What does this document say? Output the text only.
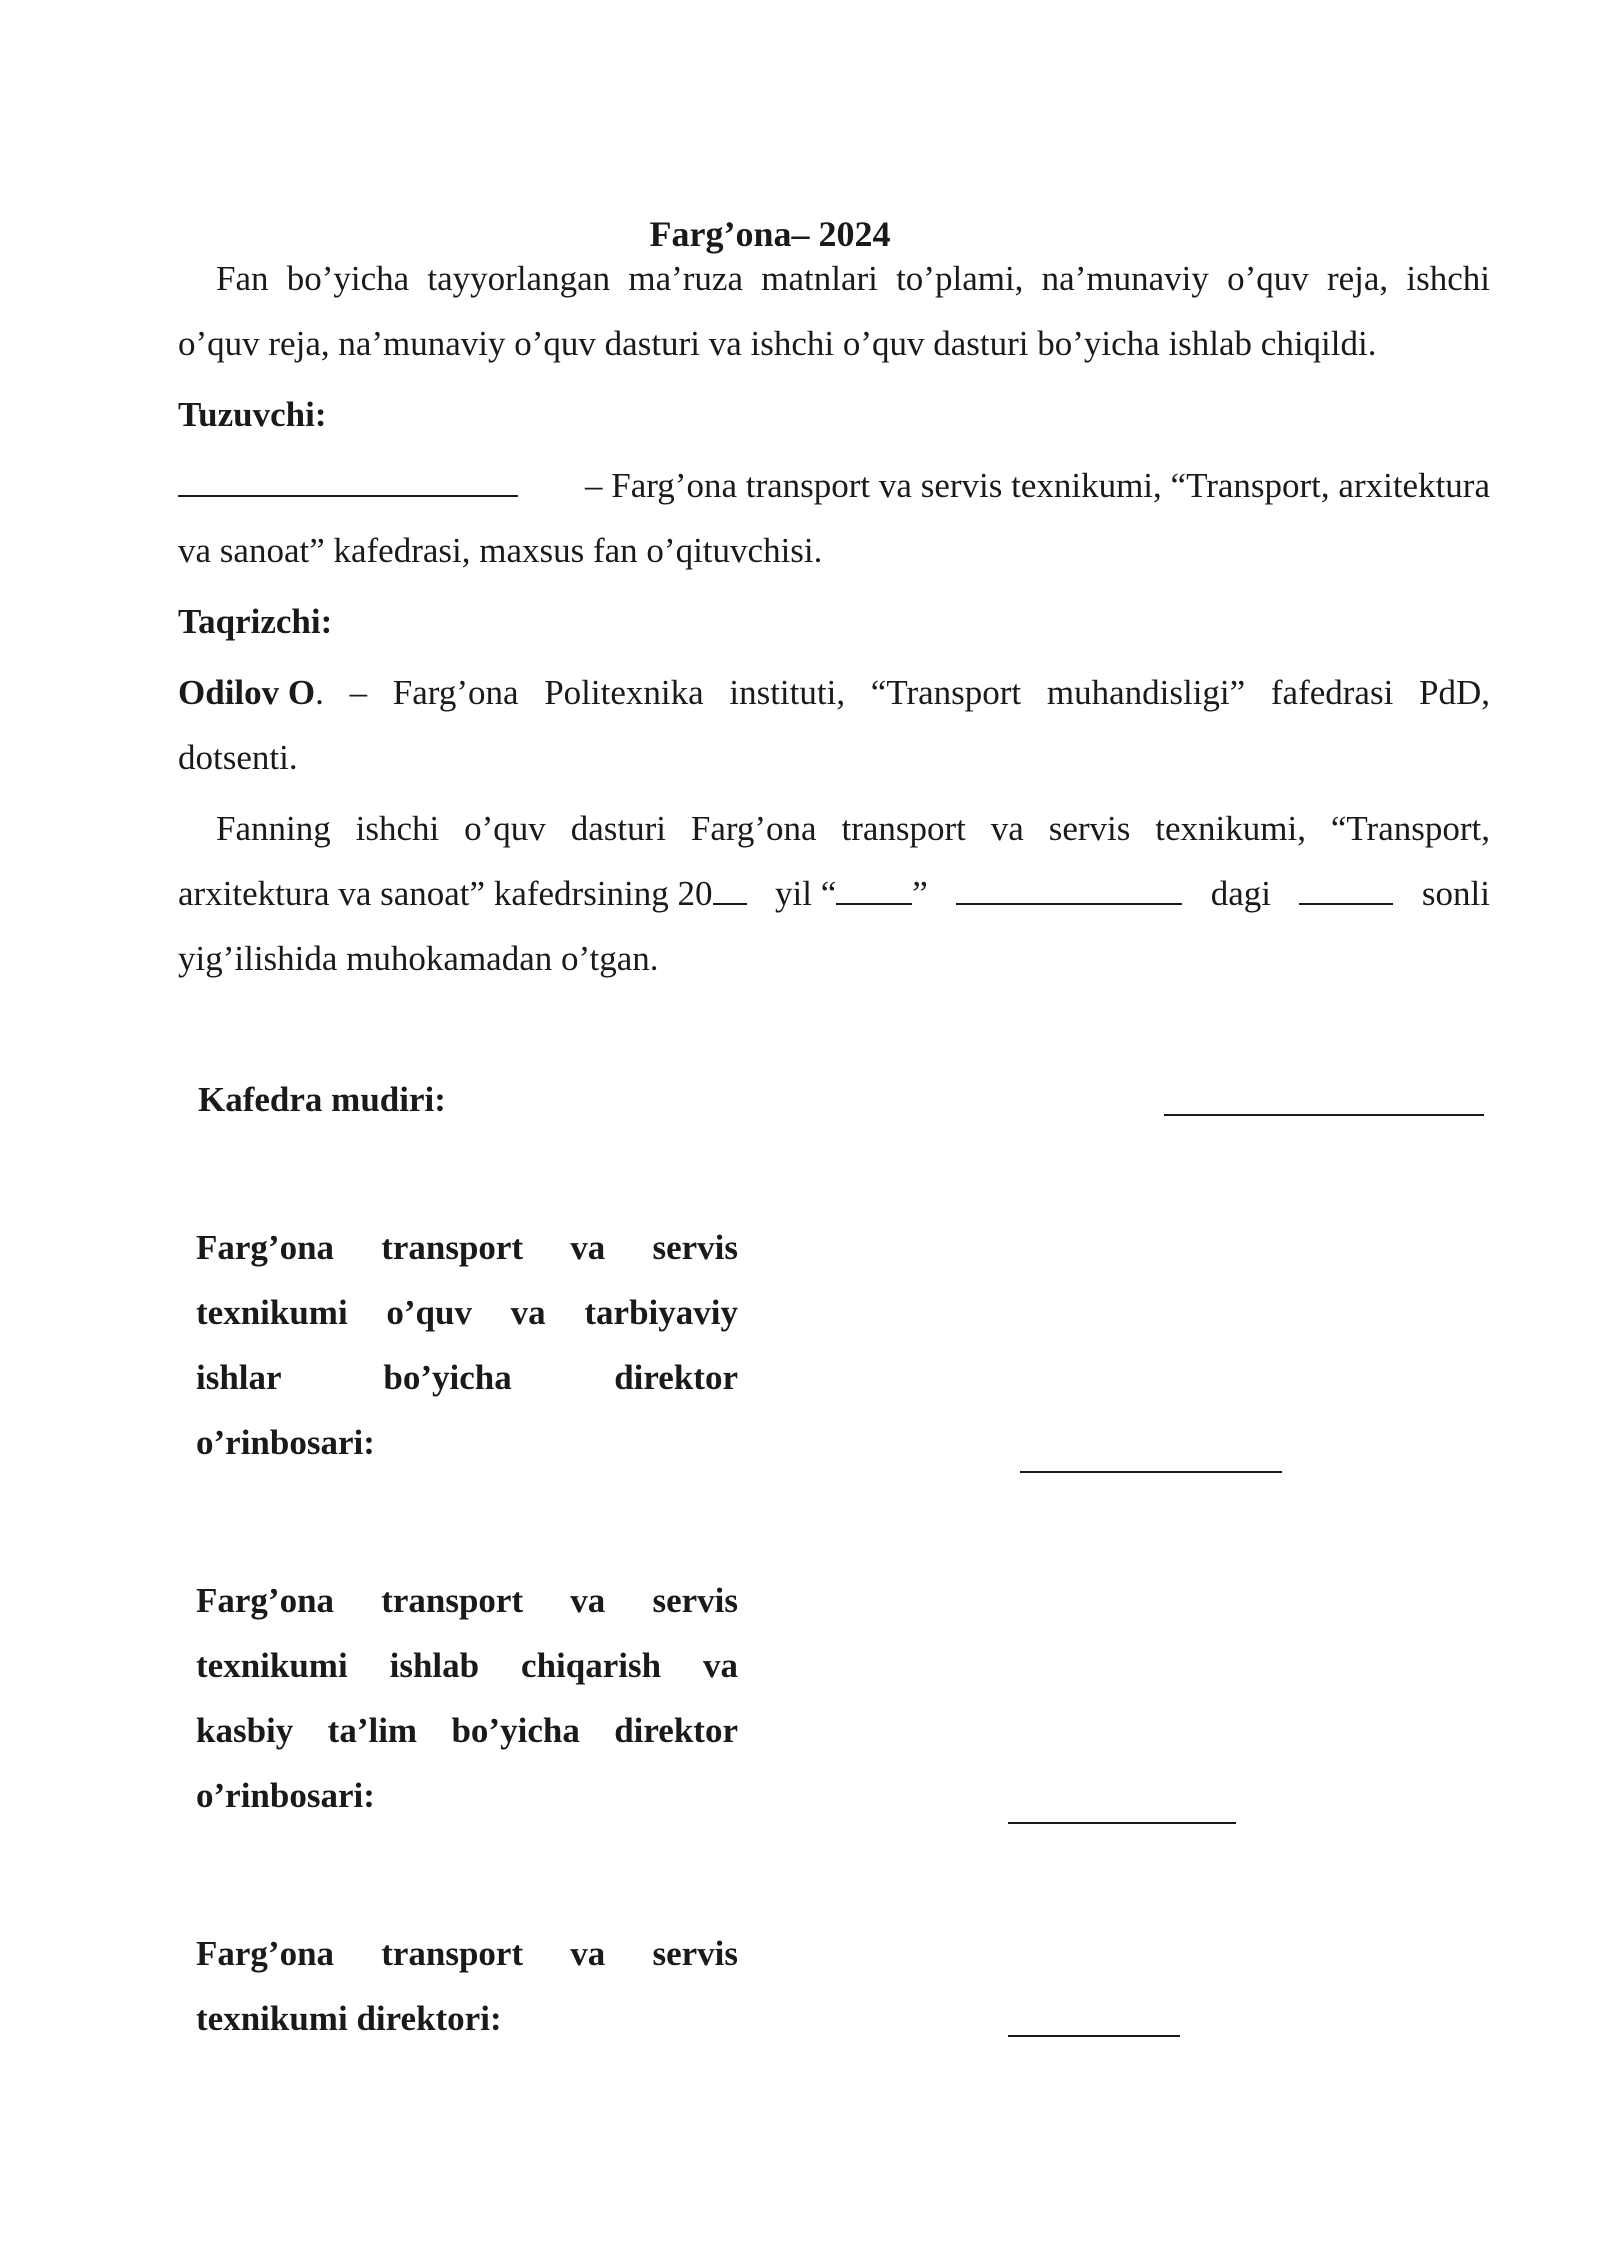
Farg’ona– 2024
Fan bo’yicha tayyorlangan ma’ruza matnlari to’plami, na’munaviy o’quv reja, ishchi
o’quv reja, na’munaviy o’quv dasturi va ishchi o’quv dasturi bo’yicha ishlab chiqildi.
Tuzuvchi:
– Farg’ona transport va servis texnikumi, “Transport, arxitektura
va sanoat” kafedrasi, maxsus fan o’qituvchisi.
Taqrizchi:
Odilov O . – Farg’ona Politexnika instituti, “Transport muhandisligi” fafedrasi PdD,
dotsenti.
Fanning ishchi o’quv dasturi Farg’ona transport va servis texnikumi, “Transport,
arxitektura va sanoat” kafedrsining 20	yil “ ”	dagi	sonli
yig’ilishida muhokamadan o’tgan.
Kafedra mudiri:
Farg’ona transport va servis
texnikumi o’quv va tarbiyaviy
ishlar bo’yicha direktor
o’rinbosari:
Farg’ona transport va servis
texnikumi ishlab chiqarish va
kasbiy ta’lim bo’yicha direktor
o’rinbosari:
Farg’ona transport va servis
texnikumi direktori:
